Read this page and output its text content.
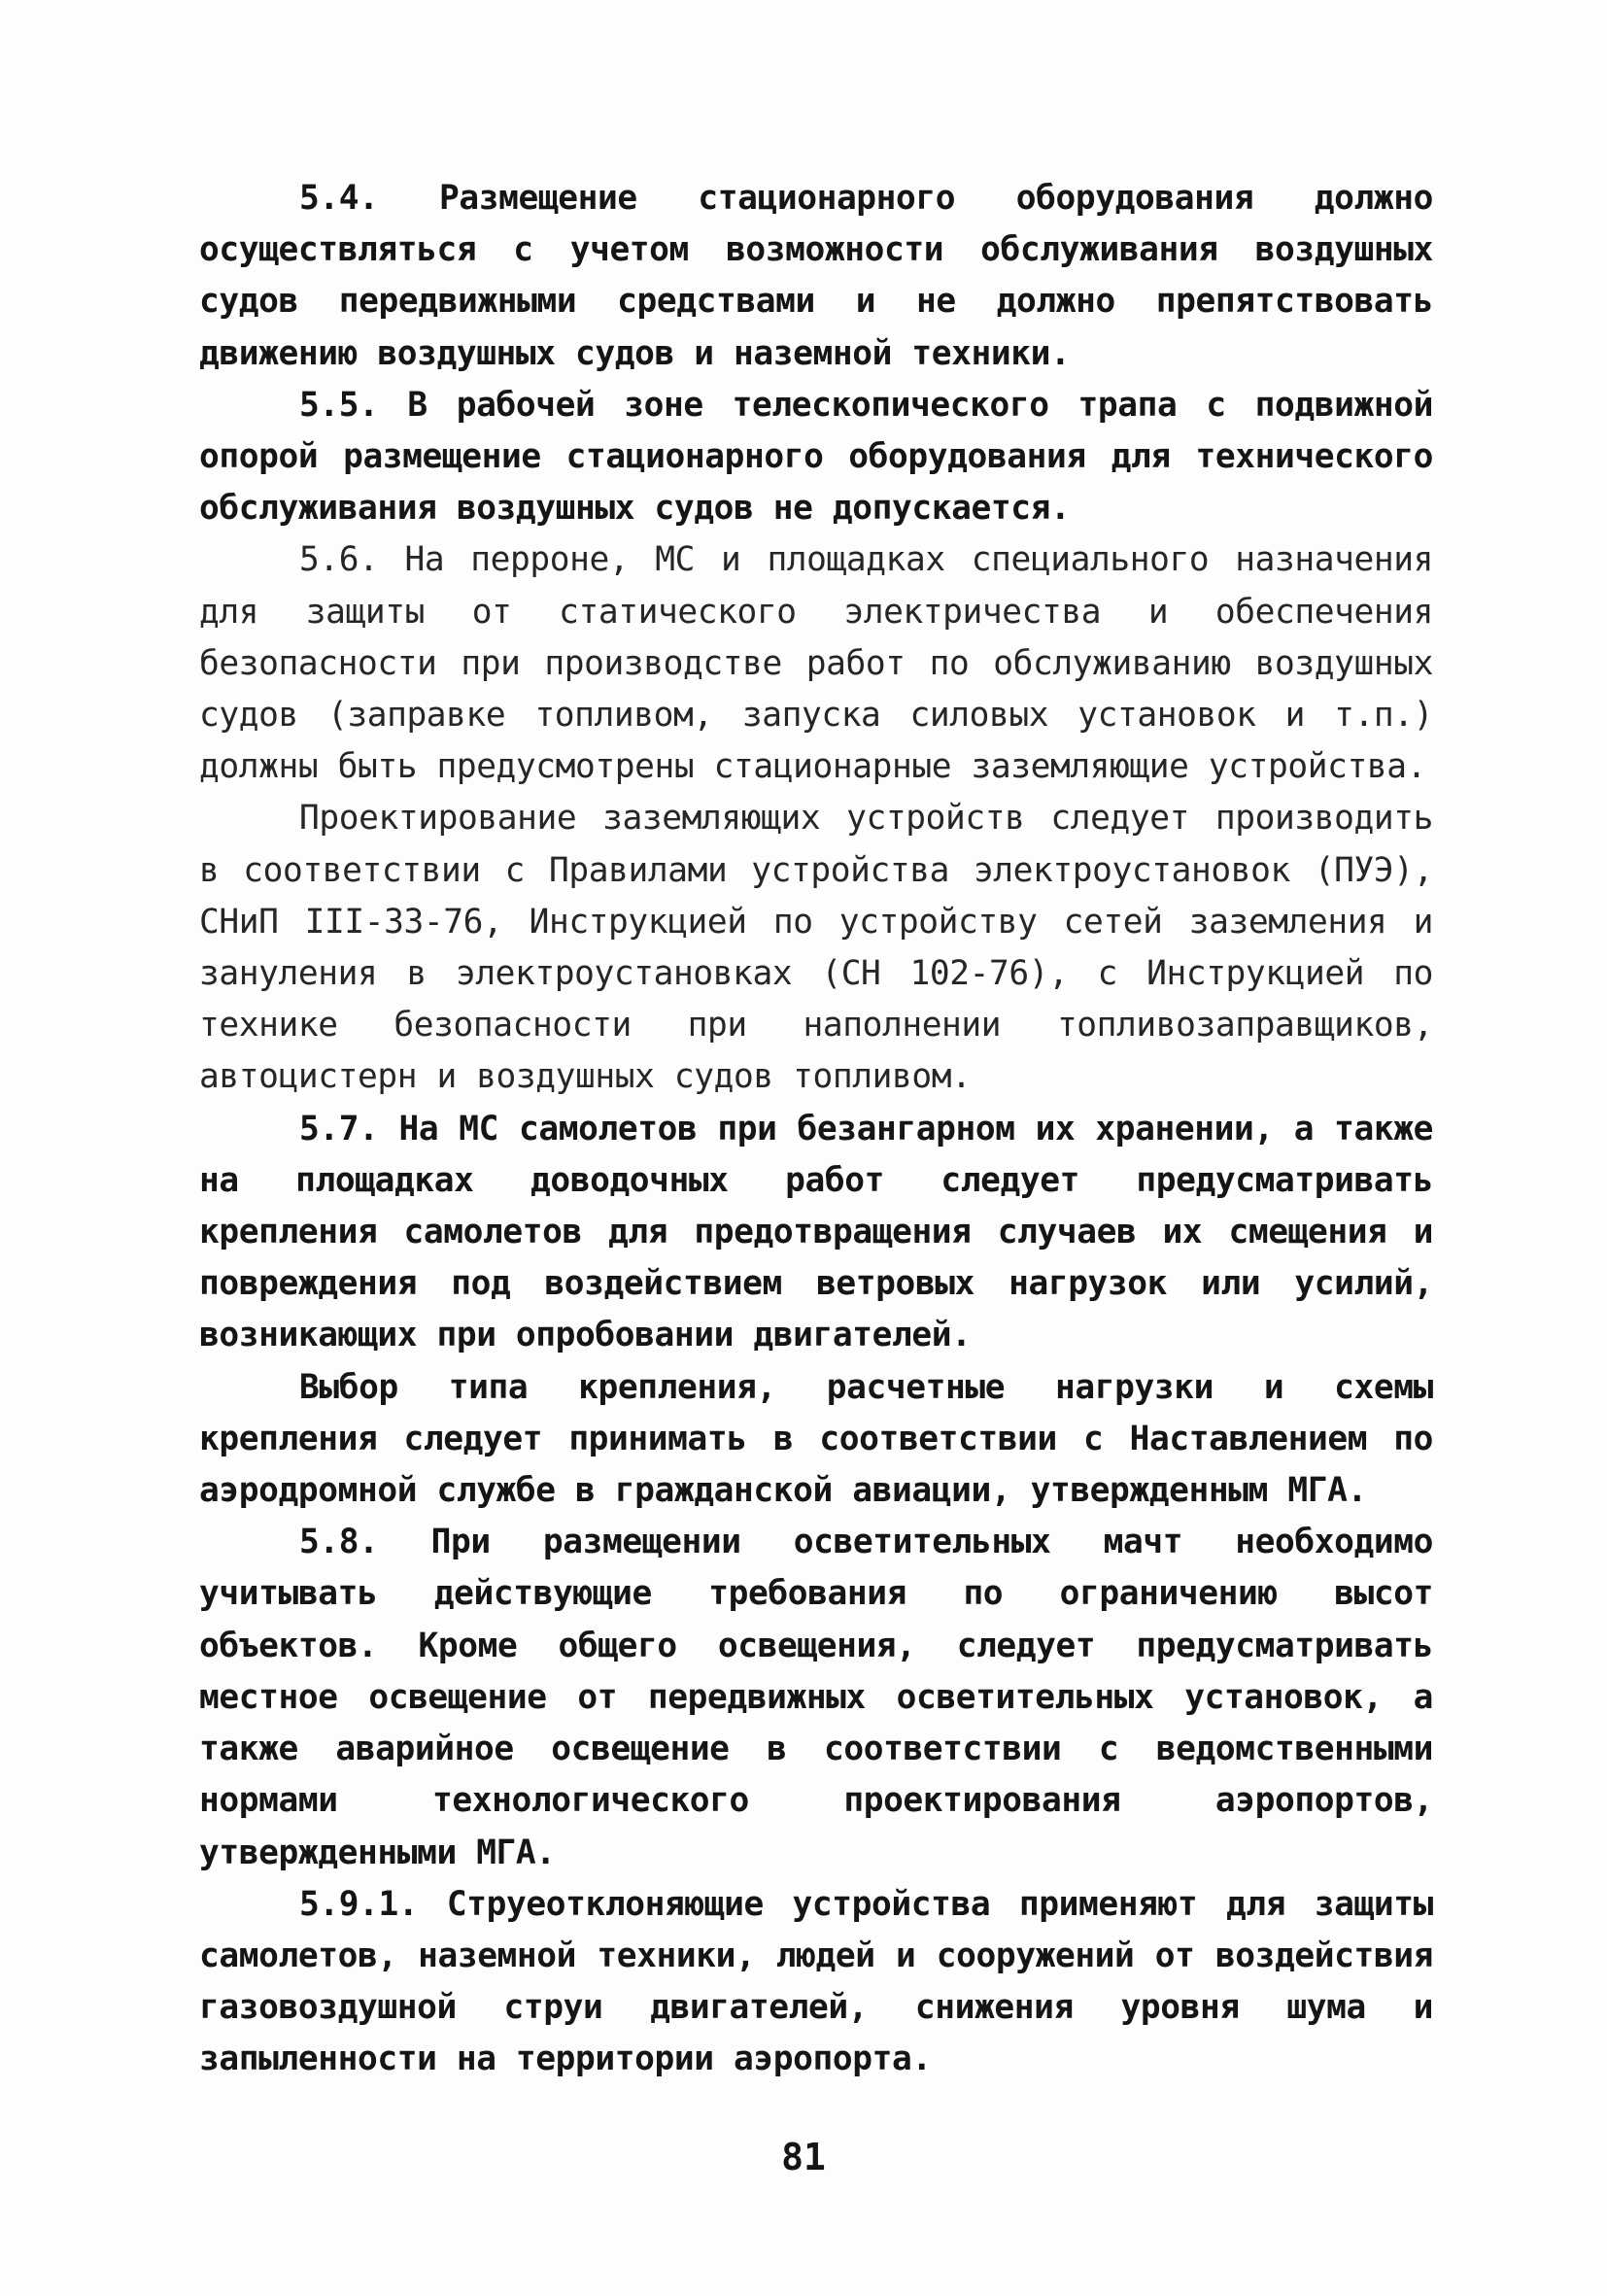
5.4. Размещение стационарного оборудования должно осуществляться с учетом возможности обслуживания воздушных судов передвижными средствами и не должно препятствовать движению воздушных судов и наземной техники.

5.5. В рабочей зоне телескопического трапа с подвижной опорой размещение стационарного оборудования для технического обслуживания воздушных судов не допускается.

5.6. На перроне, МС и площадках специального назначения для защиты от статического электричества и обеспечения безопасности при производстве работ по обслуживанию воздушных судов (заправке топливом, запуска силовых установок и т.п.) должны быть предусмотрены стационарные заземляющие устройства.

Проектирование заземляющих устройств следует производить в соответствии с Правилами устройства электроустановок (ПУЭ), СНиП III-33-76, Инструкцией по устройству сетей заземления и зануления в электроустановках (СН 102-76), с Инструкцией по технике безопасности при наполнении топливозаправщиков, автоцистерн и воздушных судов топливом.

5.7. На МС самолетов при безангарном их хранении, а также на площадках доводочных работ следует предусматривать крепления самолетов для предотвращения случаев их смещения и повреждения под воздействием ветровых нагрузок или усилий, возникающих при опробовании двигателей.

Выбор типа крепления, расчетные нагрузки и схемы крепления следует принимать в соответствии с Наставлением по аэродромной службе в гражданской авиации, утвержденным МГА.

5.8. При размещении осветительных мачт необходимо учитывать действующие требования по ограничению высот объектов. Кроме общего освещения, следует предусматривать местное освещение от передвижных осветительных установок, а также аварийное освещение в соответствии с ведомственными нормами технологического проектирования аэропортов, утвержденными МГА.

5.9.1. Струеотклоняющие устройства применяют для защиты самолетов, наземной техники, людей и сооружений от воздействия газовоздушной струи двигателей, снижения уровня шума и запыленности на территории аэропорта.

81
